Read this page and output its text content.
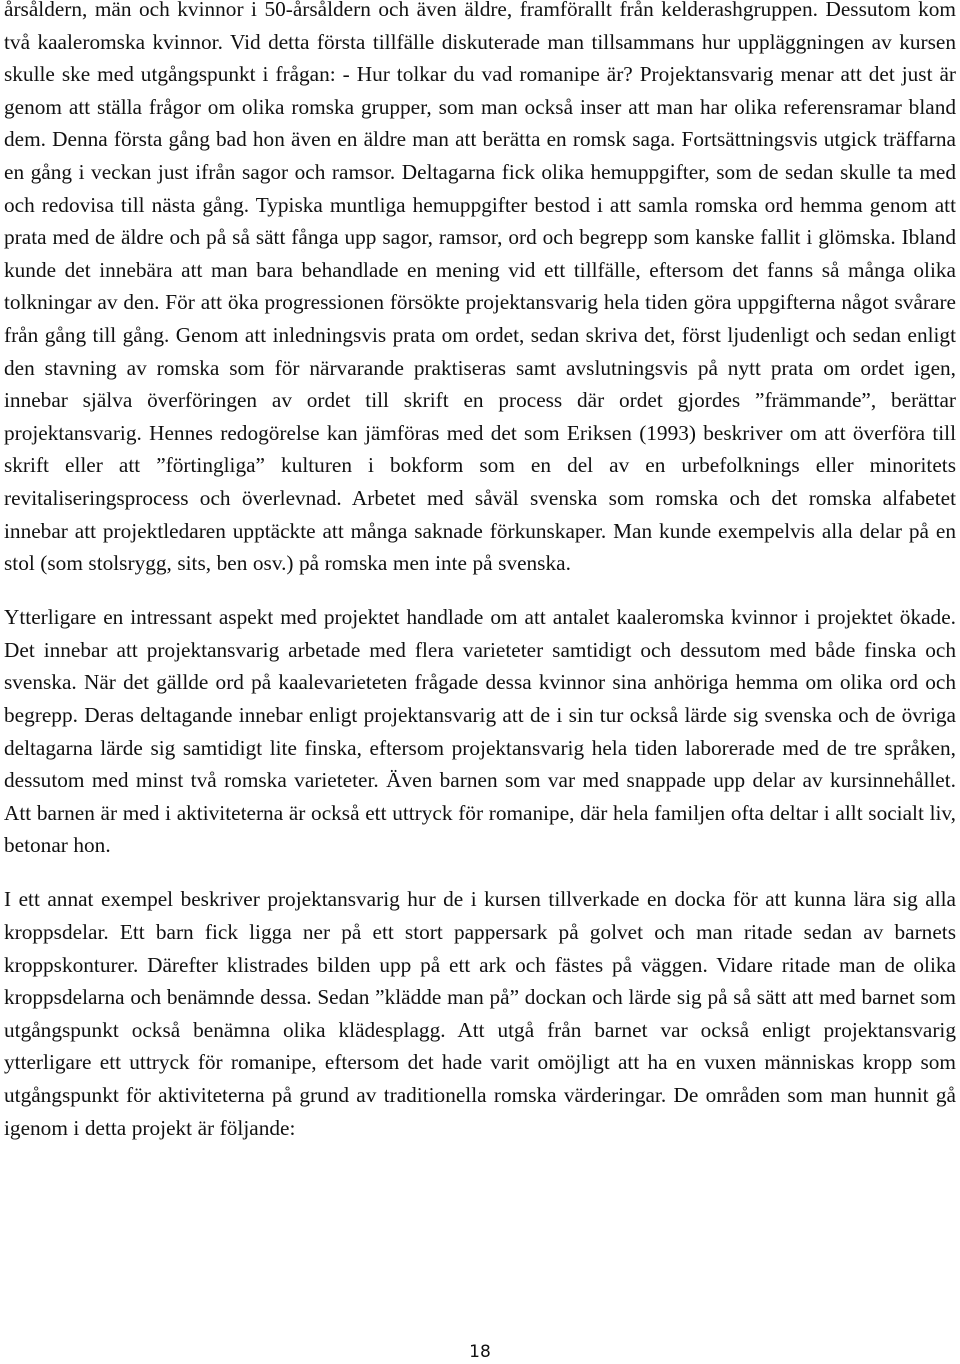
årsåldern, män och kvinnor i 50-årsåldern och även äldre, framförallt från kelderashgruppen. Dessutom kom två kaaleromska kvinnor. Vid detta första tillfälle diskuterade man tillsammans hur uppläggningen av kursen skulle ske med utgångspunkt i frågan: - Hur tolkar du vad romanipe är? Projektansvarig menar att det just är genom att ställa frågor om olika romska grupper, som man också inser att man har olika referensramar bland dem. Denna första gång bad hon även en äldre man att berätta en romsk saga. Fortsättningsvis utgick träffarna en gång i veckan just ifrån sagor och ramsor. Deltagarna fick olika hemuppgifter, som de sedan skulle ta med och redovisa till nästa gång. Typiska muntliga hemuppgifter bestod i att samla romska ord hemma genom att prata med de äldre och på så sätt fånga upp sagor, ramsor, ord och begrepp som kanske fallit i glömska. Ibland kunde det innebära att man bara behandlade en mening vid ett tillfälle, eftersom det fanns så många olika tolkningar av den. För att öka progressionen försökte projektansvarig hela tiden göra uppgifterna något svårare från gång till gång. Genom att inledningsvis prata om ordet, sedan skriva det, först ljudenligt och sedan enligt den stavning av romska som för närvarande praktiseras samt avslutningsvis på nytt prata om ordet igen, innebar själva överföringen av ordet till skrift en process där ordet gjordes ”främmande”, berättar projektansvarig. Hennes redogörelse kan jämföras med det som Eriksen (1993) beskriver om att överföra till skrift eller att ”förtingliga” kulturen i bokform som en del av en urbefolknings eller minoritets revitaliseringsprocess och överlevnad. Arbetet med såväl svenska som romska och det romska alfabetet innebar att projektledaren upptäckte att många saknade förkunskaper. Man kunde exempelvis alla delar på en stol (som stolsrygg, sits, ben osv.) på romska men inte på svenska.

Ytterligare en intressant aspekt med projektet handlade om att antalet kaaleromska kvinnor i projektet ökade. Det innebar att projektansvarig arbetade med flera varieteter samtidigt och dessutom med både finska och svenska. När det gällde ord på kaalevarieteten frågade dessa kvinnor sina anhöriga hemma om olika ord och begrepp. Deras deltagande innebar enligt projektansvarig att de i sin tur också lärde sig svenska och de övriga deltagarna lärde sig samtidigt lite finska, eftersom projektansvarig hela tiden laborerade med de tre språken, dessutom med minst två romska varieteter. Även barnen som var med snappade upp delar av kursinnehållet. Att barnen är med i aktiviteterna är också ett uttryck för romanipe, där hela familjen ofta deltar i allt socialt liv, betonar hon.

I ett annat exempel beskriver projektansvarig hur de i kursen tillverkade en docka för att kunna lära sig alla kroppsdelar. Ett barn fick ligga ner på ett stort pappersark på golvet och man ritade sedan av barnets kroppskonturer. Därefter klistrades bilden upp på ett ark och fästes på väggen. Vidare ritade man de olika kroppsdelarna och benämnde dessa. Sedan ”klädde man på” dockan och lärde sig på så sätt att med barnet som utgångspunkt också benämna olika klädesplagg. Att utgå från barnet var också enligt projektansvarig ytterligare ett uttryck för romanipe, eftersom det hade varit omöjligt att ha en vuxen människas kropp som utgångspunkt för aktiviteterna på grund av traditionella romska värderingar. De områden som man hunnit gå igenom i detta projekt är följande:

18
